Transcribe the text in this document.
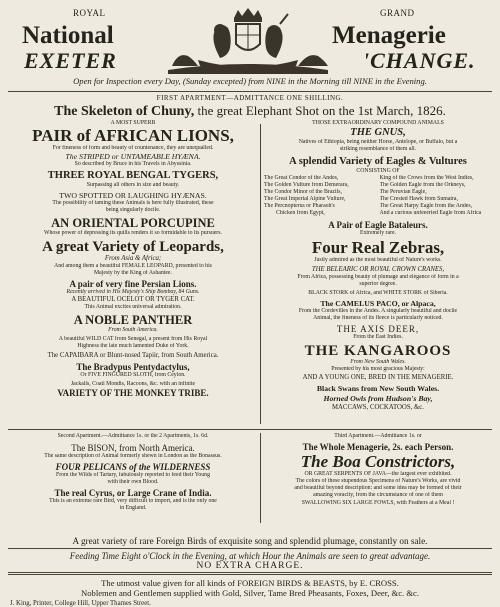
ROYAL	GRAND
National	Menagerie
EXETER	'CHANGE.
Open for Inspection every Day, (Sunday excepted) from NINE in the Morning till NINE in the Evening.
FIRST APARTMENT—ADMITTANCE ONE SHILLING.
The Skeleton of Chuny, the great Elephant Shot on the 1st March, 1826.
A MOST SUPERB
PAIR of AFRICAN LIONS,
For fineness of form and beauty of countenance, they are unequalled.
The STRIPED or UNTAMEABLE HYÆNA.
So described by Bruce in his Travels in Abyssinia.
THREE ROYAL BENGAL TYGERS,
Surpassing all others in size and beauty.
TWO SPOTTED OR LAUGHING HYÆNAS.
The possibility of taming these Animals is here fully illustrated, these
being singularly docile.
AN ORIENTAL PORCUPINE
Whose power of depressing its quills renders it so formidable to its pursuers.
A great Variety of Leopards,
From Asia & Africa;
And among them a beautiful FEMALE LEOPARD, presented to his
Majesty by the King of Ashantee.
A pair of very fine Persian Lions.
Recently arrived in His Majesty's Ship Bombay, 84 Guns.
A BEAUTIFUL OCELOT OR TYGER CAT.
This Animal excites universal admiration.
A NOBLE PANTHER
From South America.
A beautiful WILD CAT from Senegal, a present from His Royal
Highness the late much lamented Duke of York.
The CAPAIBARA or Blunt-nosed Tapiir, from South America.
The Bradypus Pentydactylus,
Or FIVE FINGURED SLOTH, from Ceylon.
Jackalls, Coati Mondis, Racoons, &c. with an infinite
VARIETY OF THE MONKEY TRIBE.
THOSE EXTRAORDINARY COMPOUND ANIMALS
THE GNUS,
Natives of Ethiopia, being neither Horse, Antelope, or Buffalo, but a
striking resemblance of them all.
A splendid Variety of Eagles & Vultures
CONSISTING OF
The Great Condor of the Andes,
The Golden Vulture from Demerara,
The Condor Minor of the Brazils,
The Great Imperial Alpine Vulture,
The Percnopterus or Pharaoh's
Chicken from Egypt,
King of the Crows from the West Indies,
The Golden Eagle from the Orkneys,
The Peruvian Eagle,
The Crested Hawk from Sumatra,
The Great Harpy Eagle from the Andes,
And a curious unfeeeried Eagle from Africa
A Pair of Eagle Bataleurs.
Extremely rare.
Four Real Zebras,
Justly admired as the most beautiful of Nature's works.
THE BELEARIC OR ROYAL CROWN CRANES,
From Africa, possessing beauty of plumage and elegance of form in a
superior degree.
BLACK STORK of Africa, and WHITE STORK of Siberia.
The CAMELUS PACO, or Alpaca,
From the Cordevilles in the Andes. A singularly beautiful and docile
Animal, the fineness of its fleece is particularly noticed.
THE AXIS DEER,
From the East Indies.
THE KANGAROOS
From New South Wales.
Presented by his most gracious Majesty:
AND A YOUNG ONE, BRED IN THE MENAGERIE.
Black Swans from New South Wales.
Horned Owls from Hudson's Bay,
MACCAWS, COCKATOOS, &c.
Second Apartment.—Admittance 1s. or the 2 Apartments, 1s. 6d.
The BISON, from North America.
The same description of Animal formerly shewn in London as the Bonassus.
FOUR PELICANS of the WILDERNESS
From the Wilds of Tartary, fabulously reported to feed their Young
with their own Blood.
The real Cyrus, or Large Crane of India.
This is an extreme rare Bird, very difficult to import, and is the only one
in England.
Third Apartment.—Admittance 1s. or
The Whole Menagerie, 2s. each Person.
The Boa Constrictors,
OR GREAT SERPENTS OF JAVA—the largest ever exhibited.
The colors of these stupendous Specimens of Nature's Works, are vivid
and beautiful beyond description: and some idea may be formed of their
amazing voracity, from the circumstance of one of them
SWALLOWING SIX LARGE FOWLS, with Feathers at a Meal !
A great variety of rare Foreign Birds of exquisite song and splendid plumage, constantly on sale.
Feeding Time Eight o'Clock in the Evening, at which Hour the Animals are seen to great advantage.
NO EXTRA CHARGE.
The utmost value given for all kinds of FOREIGN BIRDS & BEASTS, by E. CROSS.
Noblemen and Gentlemen supplied with Gold, Silver, Tame Bred Pheasants, Foxes, Deer, &c. &c.
J. King, Printer, College Hill, Upper Thames Street.
